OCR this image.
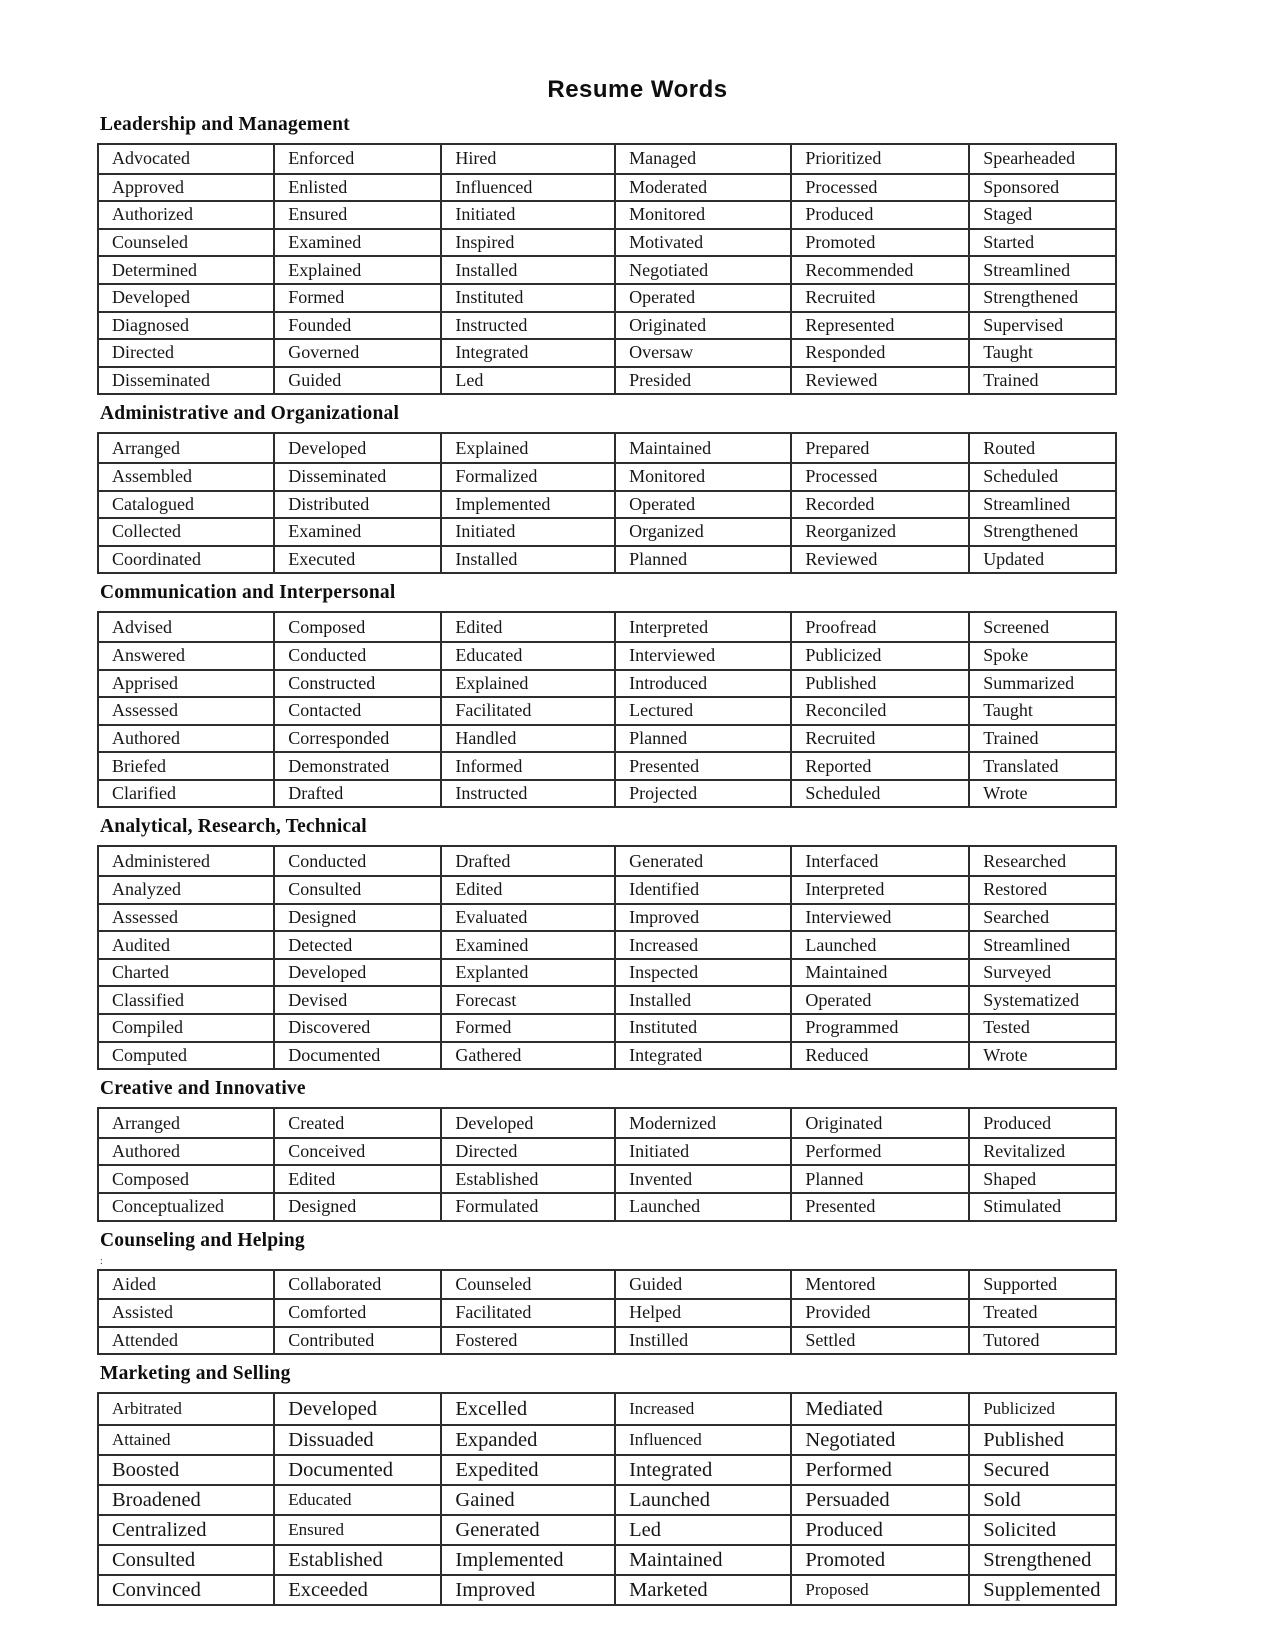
Resume Words
Leadership and Management
Advocated	Enforced	Hired	Managed	Prioritized	Spearheaded
Approved	Enlisted	Influenced	Moderated	Processed	Sponsored
Authorized	Ensured	Initiated	Monitored	Produced	Staged
Counseled	Examined	Inspired	Motivated	Promoted	Started
Determined	Explained	Installed	Negotiated	Recommended	Streamlined
Developed	Formed	Instituted	Operated	Recruited	Strengthened
Diagnosed	Founded	Instructed	Originated	Represented	Supervised
Directed	Governed	Integrated	Oversaw	Responded	Taught
Disseminated	Guided	Led	Presided	Reviewed	Trained
Administrative and Organizational
Arranged	Developed	Explained	Maintained	Prepared	Routed
Assembled	Disseminated	Formalized	Monitored	Processed	Scheduled
Catalogued	Distributed	Implemented	Operated	Recorded	Streamlined
Collected	Examined	Initiated	Organized	Reorganized	Strengthened
Coordinated	Executed	Installed	Planned	Reviewed	Updated
Communication and Interpersonal
Advised	Composed	Edited	Interpreted	Proofread	Screened
Answered	Conducted	Educated	Interviewed	Publicized	Spoke
Apprised	Constructed	Explained	Introduced	Published	Summarized
Assessed	Contacted	Facilitated	Lectured	Reconciled	Taught
Authored	Corresponded	Handled	Planned	Recruited	Trained
Briefed	Demonstrated	Informed	Presented	Reported	Translated
Clarified	Drafted	Instructed	Projected	Scheduled	Wrote
Analytical, Research, Technical
Administered	Conducted	Drafted	Generated	Interfaced	Researched
Analyzed	Consulted	Edited	Identified	Interpreted	Restored
Assessed	Designed	Evaluated	Improved	Interviewed	Searched
Audited	Detected	Examined	Increased	Launched	Streamlined
Charted	Developed	Explanted	Inspected	Maintained	Surveyed
Classified	Devised	Forecast	Installed	Operated	Systematized
Compiled	Discovered	Formed	Instituted	Programmed	Tested
Computed	Documented	Gathered	Integrated	Reduced	Wrote
Creative and Innovative
Arranged	Created	Developed	Modernized	Originated	Produced
Authored	Conceived	Directed	Initiated	Performed	Revitalized
Composed	Edited	Established	Invented	Planned	Shaped
Conceptualized	Designed	Formulated	Launched	Presented	Stimulated
Counseling and Helping
:
Aided	Collaborated	Counseled	Guided	Mentored	Supported
Assisted	Comforted	Facilitated	Helped	Provided	Treated
Attended	Contributed	Fostered	Instilled	Settled	Tutored
Marketing and Selling
Arbitrated	Developed	Excelled	Increased	Mediated	Publicized
Attained	Dissuaded	Expanded	Influenced	Negotiated	Published
Boosted	Documented	Expedited	Integrated	Performed	Secured
Broadened	Educated	Gained	Launched	Persuaded	Sold
Centralized	Ensured	Generated	Led	Produced	Solicited
Consulted	Established	Implemented	Maintained	Promoted	Strengthened
Convinced	Exceeded	Improved	Marketed	Proposed	Supplemented
